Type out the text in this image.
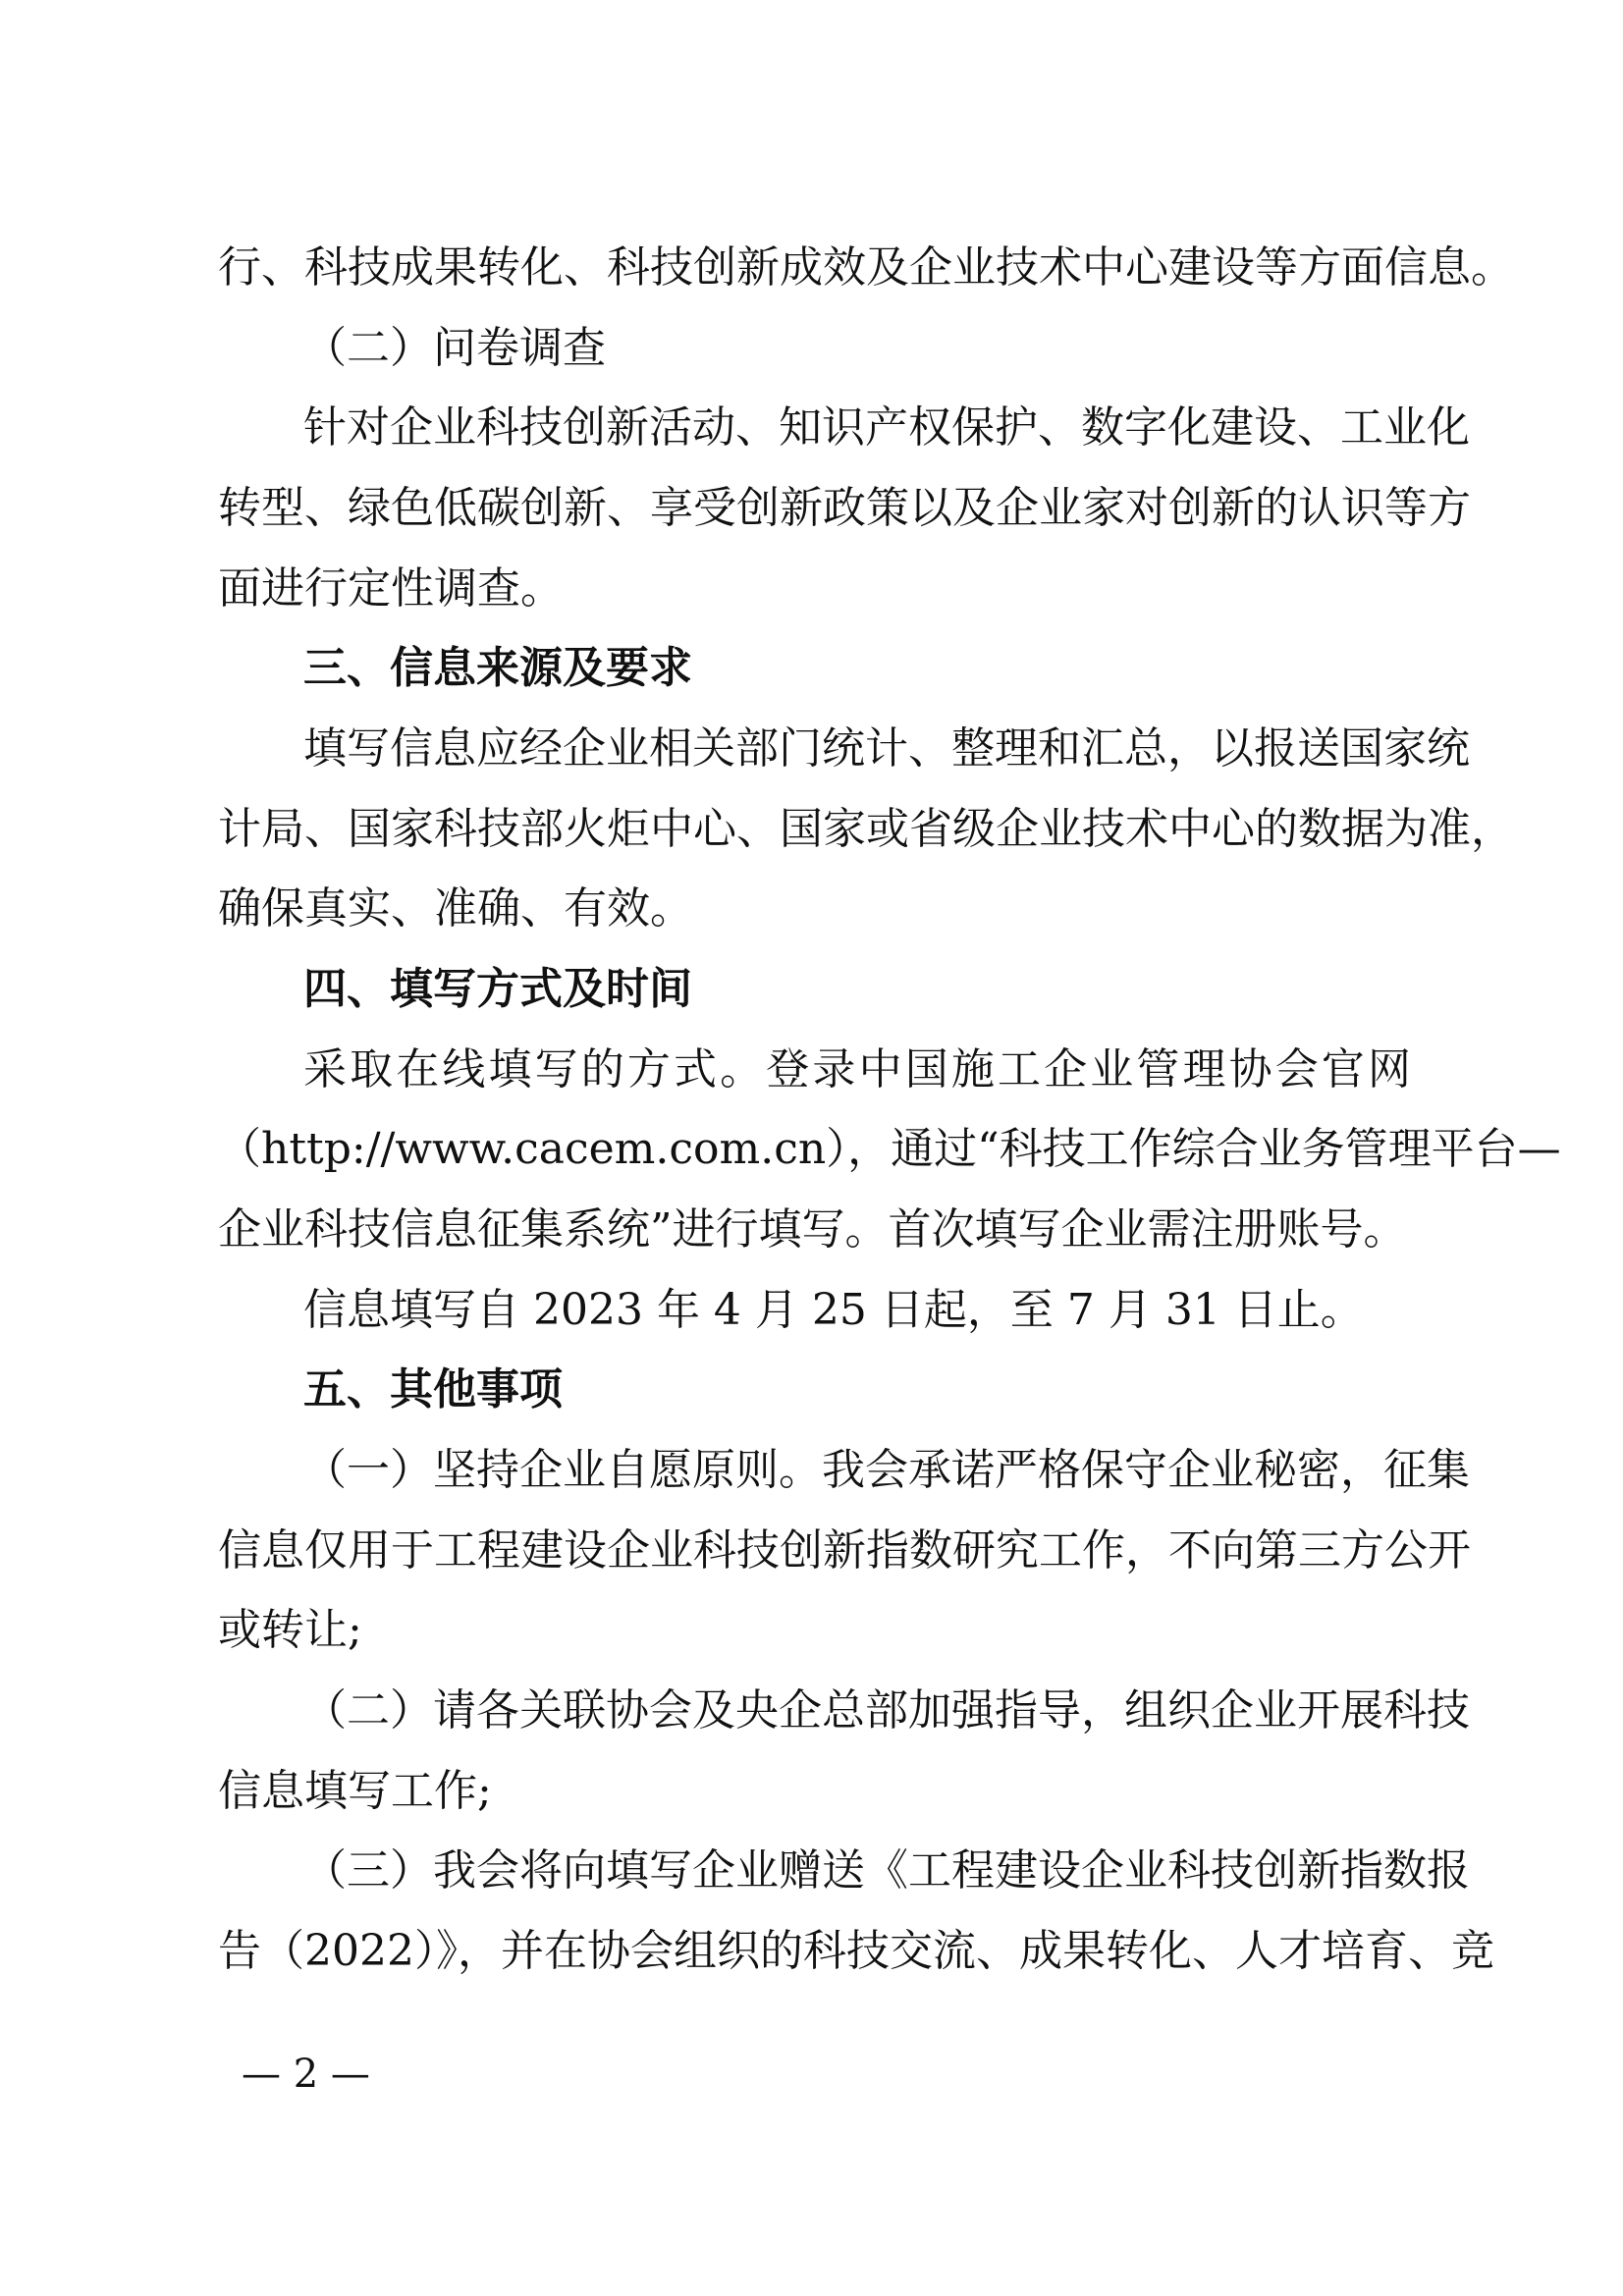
行、科技成果转化、科技创新成效及企业技术中心建设等方面信息。
（二）问卷调查
针对企业科技创新活动、知识产权保护、数字化建设、工业化
转型、绿色低碳创新、享受创新政策以及企业家对创新的认识等方
面进行定性调查。
三、信息来源及要求
填写信息应经企业相关部门统计、整理和汇总，以报送国家统
计局、国家科技部火炬中心、国家或省级企业技术中心的数据为准，
确保真实、准确、有效。
四、填写方式及时间
采取在线填写的方式。登录中国施工企业管理协会官网
（http://www.cacem.com.cn），通过“科技工作综合业务管理平台—
企业科技信息征集系统”进行填写。首次填写企业需注册账号。
信息填写自 2023 年 4 月 25 日起，至 7 月 31 日止。
五、其他事项
（一）坚持企业自愿原则。我会承诺严格保守企业秘密，征集
信息仅用于工程建设企业科技创新指数研究工作，不向第三方公开
或转让;
（二）请各关联协会及央企总部加强指导，组织企业开展科技
信息填写工作;
（三）我会将向填写企业赠送《工程建设企业科技创新指数报
告（2022）》，并在协会组织的科技交流、成果转化、人才培育、竞
— 2 —
